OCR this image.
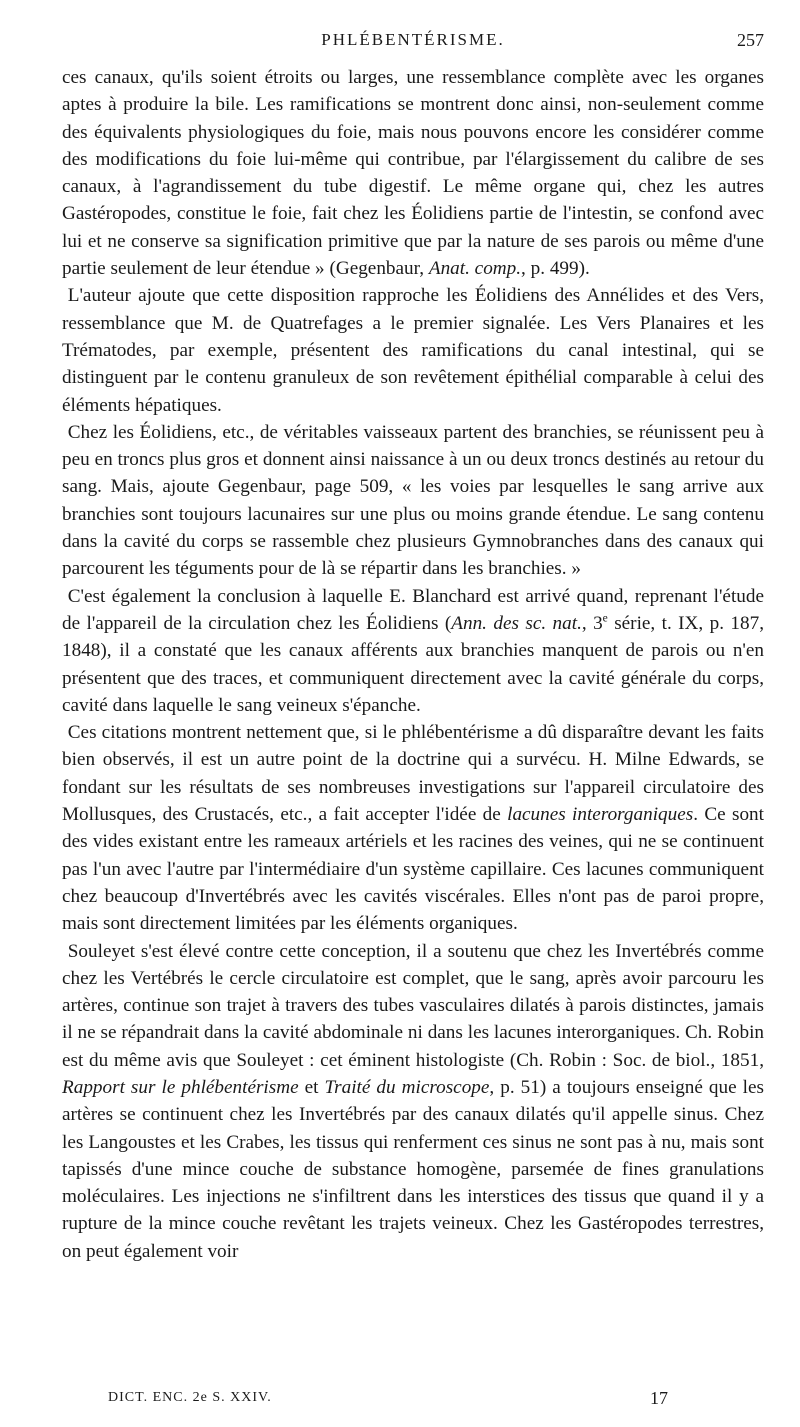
PHLÉBENTÉRISME.	257

ces canaux, qu'ils soient étroits ou larges, une ressemblance complète avec les organes aptes à produire la bile. Les ramifications se montrent donc ainsi, non-seulement comme des équivalents physiologiques du foie, mais nous pouvons encore les considérer comme des modifications du foie lui-même qui contribue, par l'élargissement du calibre de ses canaux, à l'agrandissement du tube digestif. Le même organe qui, chez les autres Gastéropodes, constitue le foie, fait chez les Éolidiens partie de l'intestin, se confond avec lui et ne conserve sa signification primitive que par la nature de ses parois ou même d'une partie seulement de leur étendue » (Gegenbaur, Anat. comp., p. 499).

L'auteur ajoute que cette disposition rapproche les Éolidiens des Annélides et des Vers, ressemblance que M. de Quatrefages a le premier signalée. Les Vers Planaires et les Trématodes, par exemple, présentent des ramifications du canal intestinal, qui se distinguent par le contenu granuleux de son revêtement épithélial comparable à celui des éléments hépatiques.

Chez les Éolidiens, etc., de véritables vaisseaux partent des branchies, se réunissent peu à peu en troncs plus gros et donnent ainsi naissance à un ou deux troncs destinés au retour du sang. Mais, ajoute Gegenbaur, page 509, « les voies par lesquelles le sang arrive aux branchies sont toujours lacunaires sur une plus ou moins grande étendue. Le sang contenu dans la cavité du corps se rassemble chez plusieurs Gymnobranches dans des canaux qui parcourent les téguments pour de là se répartir dans les branchies. »

C'est également la conclusion à laquelle E. Blanchard est arrivé quand, reprenant l'étude de l'appareil de la circulation chez les Éolidiens (Ann. des sc. nat., 3e série, t. IX, p. 187, 1848), il a constaté que les canaux afférents aux branchies manquent de parois ou n'en présentent que des traces, et communiquent directement avec la cavité générale du corps, cavité dans laquelle le sang veineux s'épanche.

Ces citations montrent nettement que, si le phlébentérisme a dû disparaître devant les faits bien observés, il est un autre point de la doctrine qui a survécu. H. Milne Edwards, se fondant sur les résultats de ses nombreuses investigations sur l'appareil circulatoire des Mollusques, des Crustacés, etc., a fait accepter l'idée de lacunes interorganiques. Ce sont des vides existant entre les rameaux artériels et les racines des veines, qui ne se continuent pas l'un avec l'autre par l'intermédiaire d'un système capillaire. Ces lacunes communiquent chez beaucoup d'Invertébrés avec les cavités viscérales. Elles n'ont pas de paroi propre, mais sont directement limitées par les éléments organiques.

Souleyet s'est élevé contre cette conception, il a soutenu que chez les Invertébrés comme chez les Vertébrés le cercle circulatoire est complet, que le sang, après avoir parcouru les artères, continue son trajet à travers des tubes vasculaires dilatés à parois distinctes, jamais il ne se répandrait dans la cavité abdominale ni dans les lacunes interorganiques. Ch. Robin est du même avis que Souleyet : cet éminent histologiste (Ch. Robin : Soc. de biol., 1851, Rapport sur le phlébentérisme et Traité du microscope, p. 51) a toujours enseigné que les artères se continuent chez les Invertébrés par des canaux dilatés qu'il appelle sinus. Chez les Langoustes et les Crabes, les tissus qui renferment ces sinus ne sont pas à nu, mais sont tapissés d'une mince couche de substance homogène, parsemée de fines granulations moléculaires. Les injections ne s'infiltrent dans les interstices des tissus que quand il y a rupture de la mince couche revêtant les trajets veineux. Chez les Gastéropodes terrestres, on peut également voir

DICT. ENC. 2e S. XXIV.	17
